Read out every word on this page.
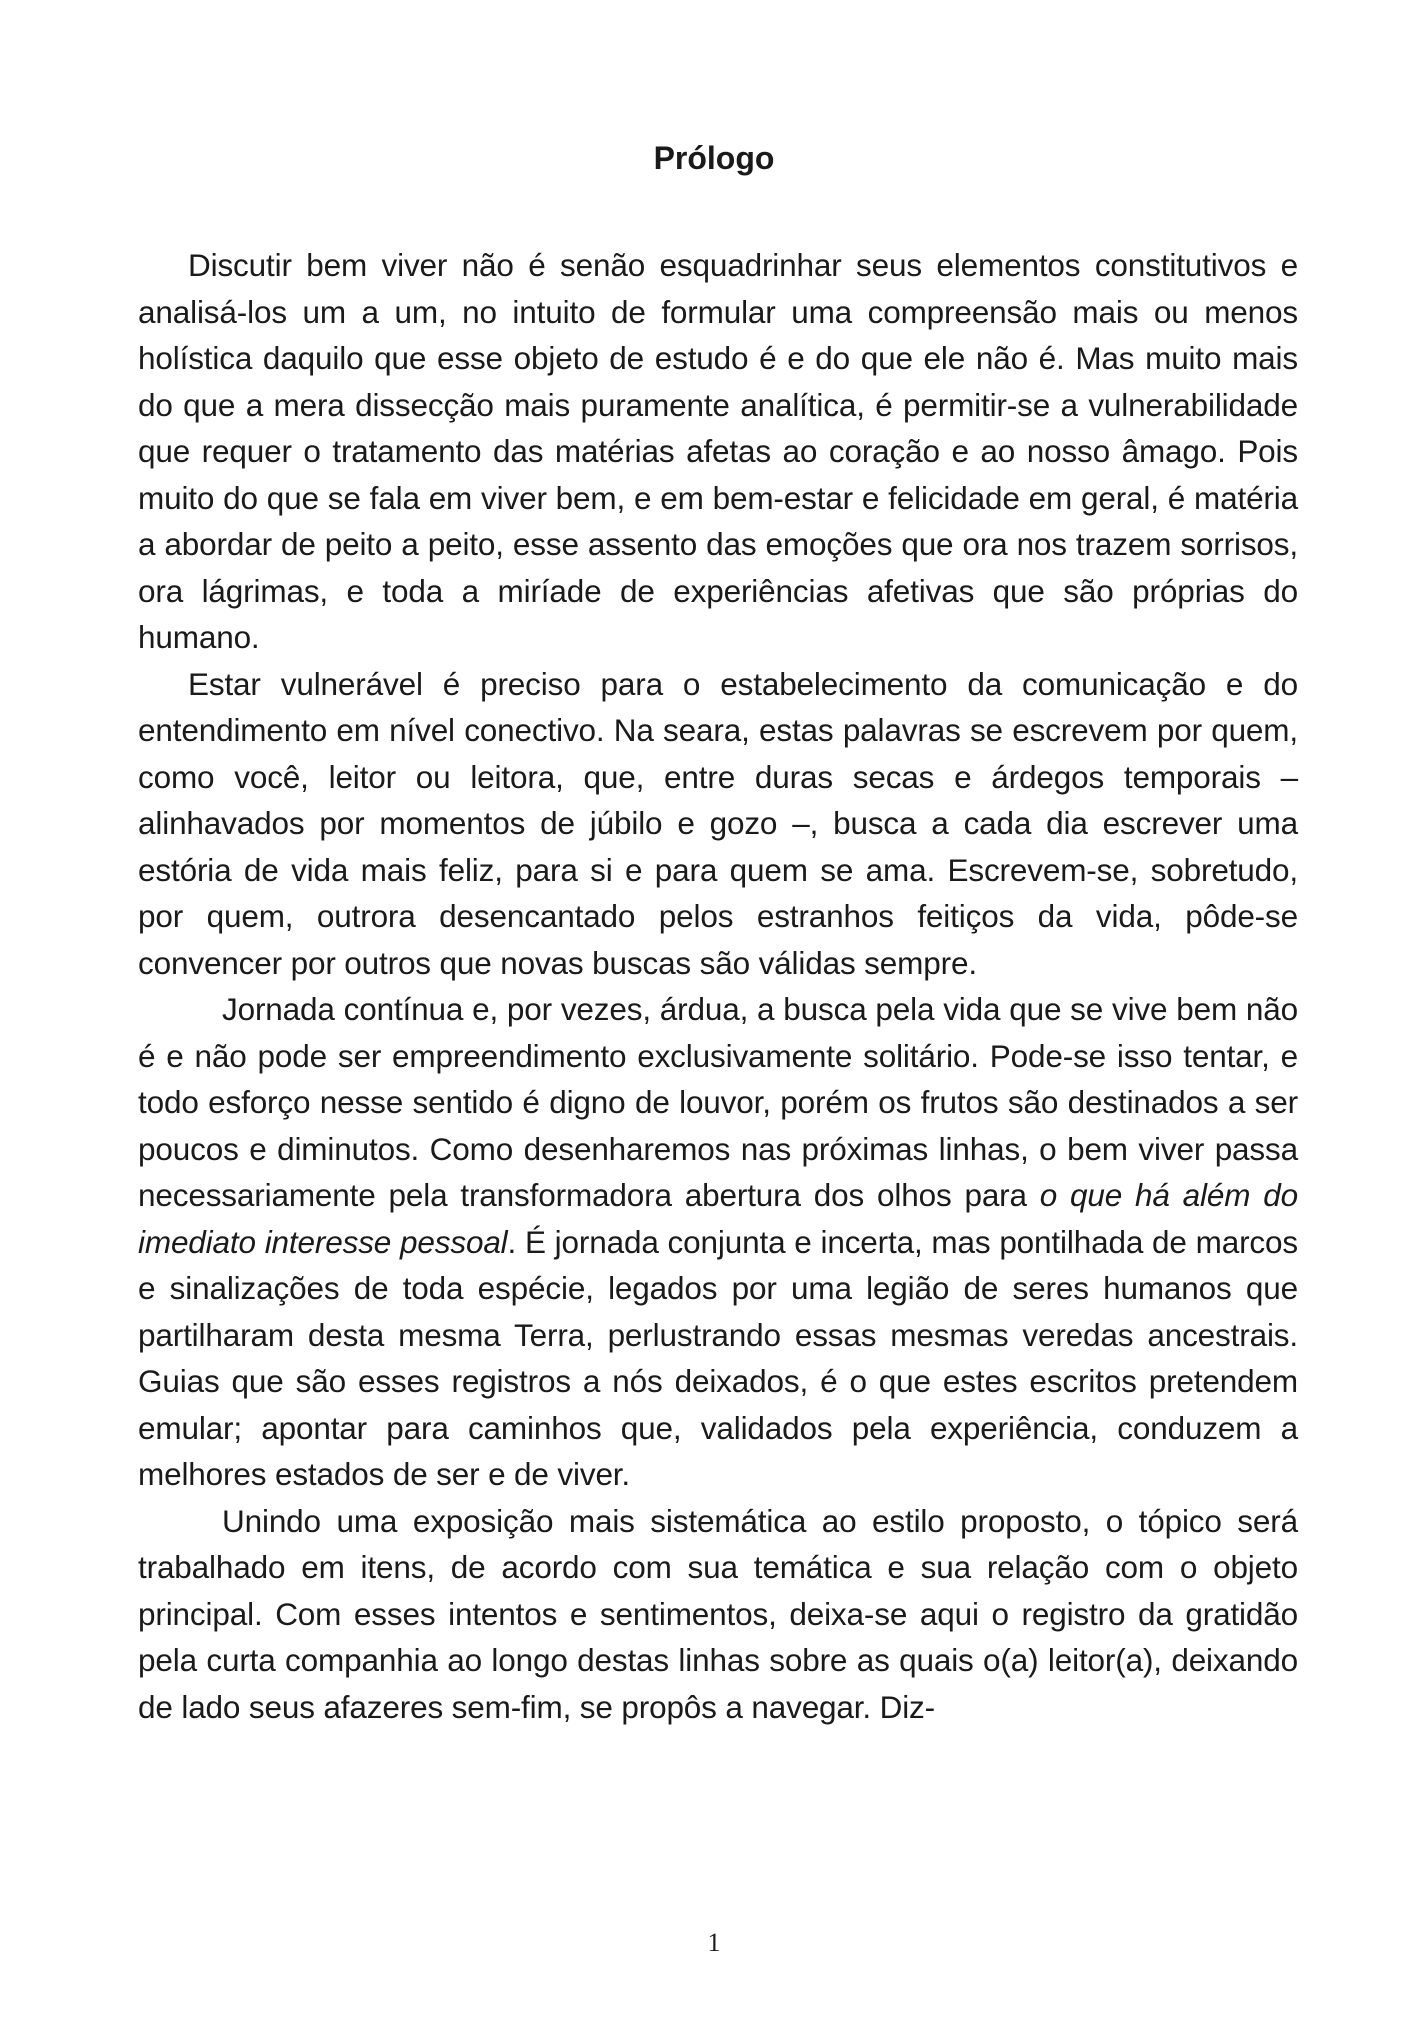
Prólogo

Discutir bem viver não é senão esquadrinhar seus elementos constitutivos e analisá-los um a um, no intuito de formular uma compreensão mais ou menos holística daquilo que esse objeto de estudo é e do que ele não é. Mas muito mais do que a mera dissecção mais puramente analítica, é permitir-se a vulnerabilidade que requer o tratamento das matérias afetas ao coração e ao nosso âmago. Pois muito do que se fala em viver bem, e em bem-estar e felicidade em geral, é matéria a abordar de peito a peito, esse assento das emoções que ora nos trazem sorrisos, ora lágrimas, e toda a miríade de experiências afetivas que são próprias do humano.

Estar vulnerável é preciso para o estabelecimento da comunicação e do entendimento em nível conectivo. Na seara, estas palavras se escrevem por quem, como você, leitor ou leitora, que, entre duras secas e árdegos temporais – alinhavados por momentos de júbilo e gozo –, busca a cada dia escrever uma estória de vida mais feliz, para si e para quem se ama. Escrevem-se, sobretudo, por quem, outrora desencantado pelos estranhos feitiços da vida, pôde-se convencer por outros que novas buscas são válidas sempre.

Jornada contínua e, por vezes, árdua, a busca pela vida que se vive bem não é e não pode ser empreendimento exclusivamente solitário. Pode-se isso tentar, e todo esforço nesse sentido é digno de louvor, porém os frutos são destinados a ser poucos e diminutos. Como desenharemos nas próximas linhas, o bem viver passa necessariamente pela transformadora abertura dos olhos para o que há além do imediato interesse pessoal. É jornada conjunta e incerta, mas pontilhada de marcos e sinalizações de toda espécie, legados por uma legião de seres humanos que partilharam desta mesma Terra, perlustrando essas mesmas veredas ancestrais. Guias que são esses registros a nós deixados, é o que estes escritos pretendem emular; apontar para caminhos que, validados pela experiência, conduzem a melhores estados de ser e de viver.

Unindo uma exposição mais sistemática ao estilo proposto, o tópico será trabalhado em itens, de acordo com sua temática e sua relação com o objeto principal. Com esses intentos e sentimentos, deixa-se aqui o registro da gratidão pela curta companhia ao longo destas linhas sobre as quais o(a) leitor(a), deixando de lado seus afazeres sem-fim, se propôs a navegar. Diz-

1
